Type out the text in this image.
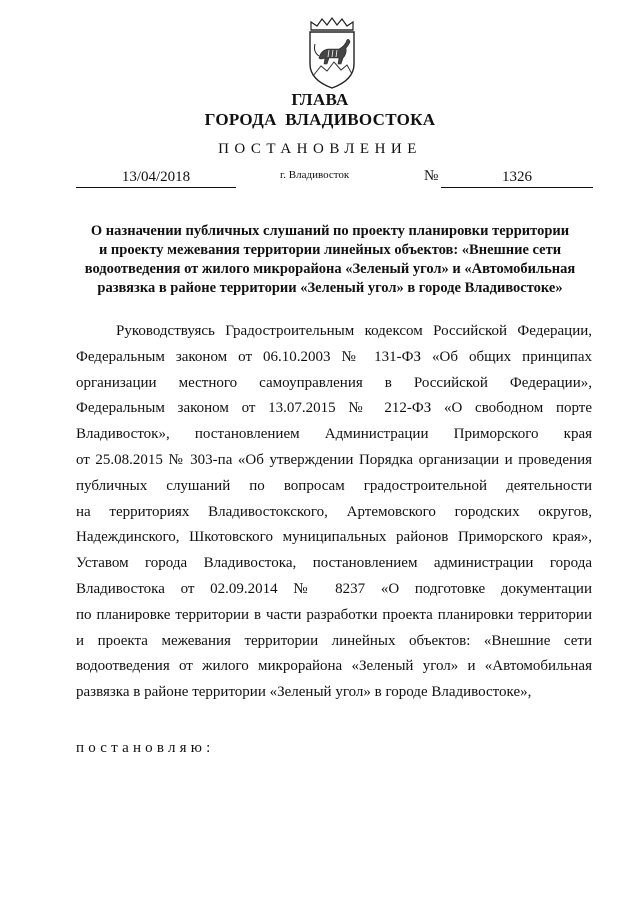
ГЛАВА
ГОРОДА ВЛАДИВОСТОКА
ПОСТАНОВЛЕНИЕ
13/04/2018	г. Владивосток	№	1326
О назначении публичных слушаний по проекту планировки территории
и проекту межевания территории линейных объектов: «Внешние сети
водоотведения от жилого микрорайона «Зеленый угол» и «Автомобильная
развязка в районе территории «Зеленый угол» в городе Владивостоке»
Руководствуясь Градостроительным кодексом Российской Федерации,
Федеральным законом от 06.10.2003 № 131-ФЗ «Об общих принципах
организации местного самоуправления в Российской Федерации»,
Федеральным законом от 13.07.2015 № 212-ФЗ «О свободном порте
Владивосток», постановлением Администрации Приморского края
от 25.08.2015 № 303-па «Об утверждении Порядка организации и проведения
публичных слушаний по вопросам градостроительной деятельности
на территориях Владивостокского, Артемовского городских округов,
Надеждинского, Шкотовского муниципальных районов Приморского края»,
Уставом города Владивостока, постановлением администрации города
Владивостока от 02.09.2014 № 8237 «О подготовке документации
по планировке территории в части разработки проекта планировки территории
и проекта межевания территории линейных объектов: «Внешние сети
водоотведения от жилого микрорайона «Зеленый угол» и «Автомобильная
развязка в районе территории «Зеленый угол» в городе Владивостоке»,
постановляю:
